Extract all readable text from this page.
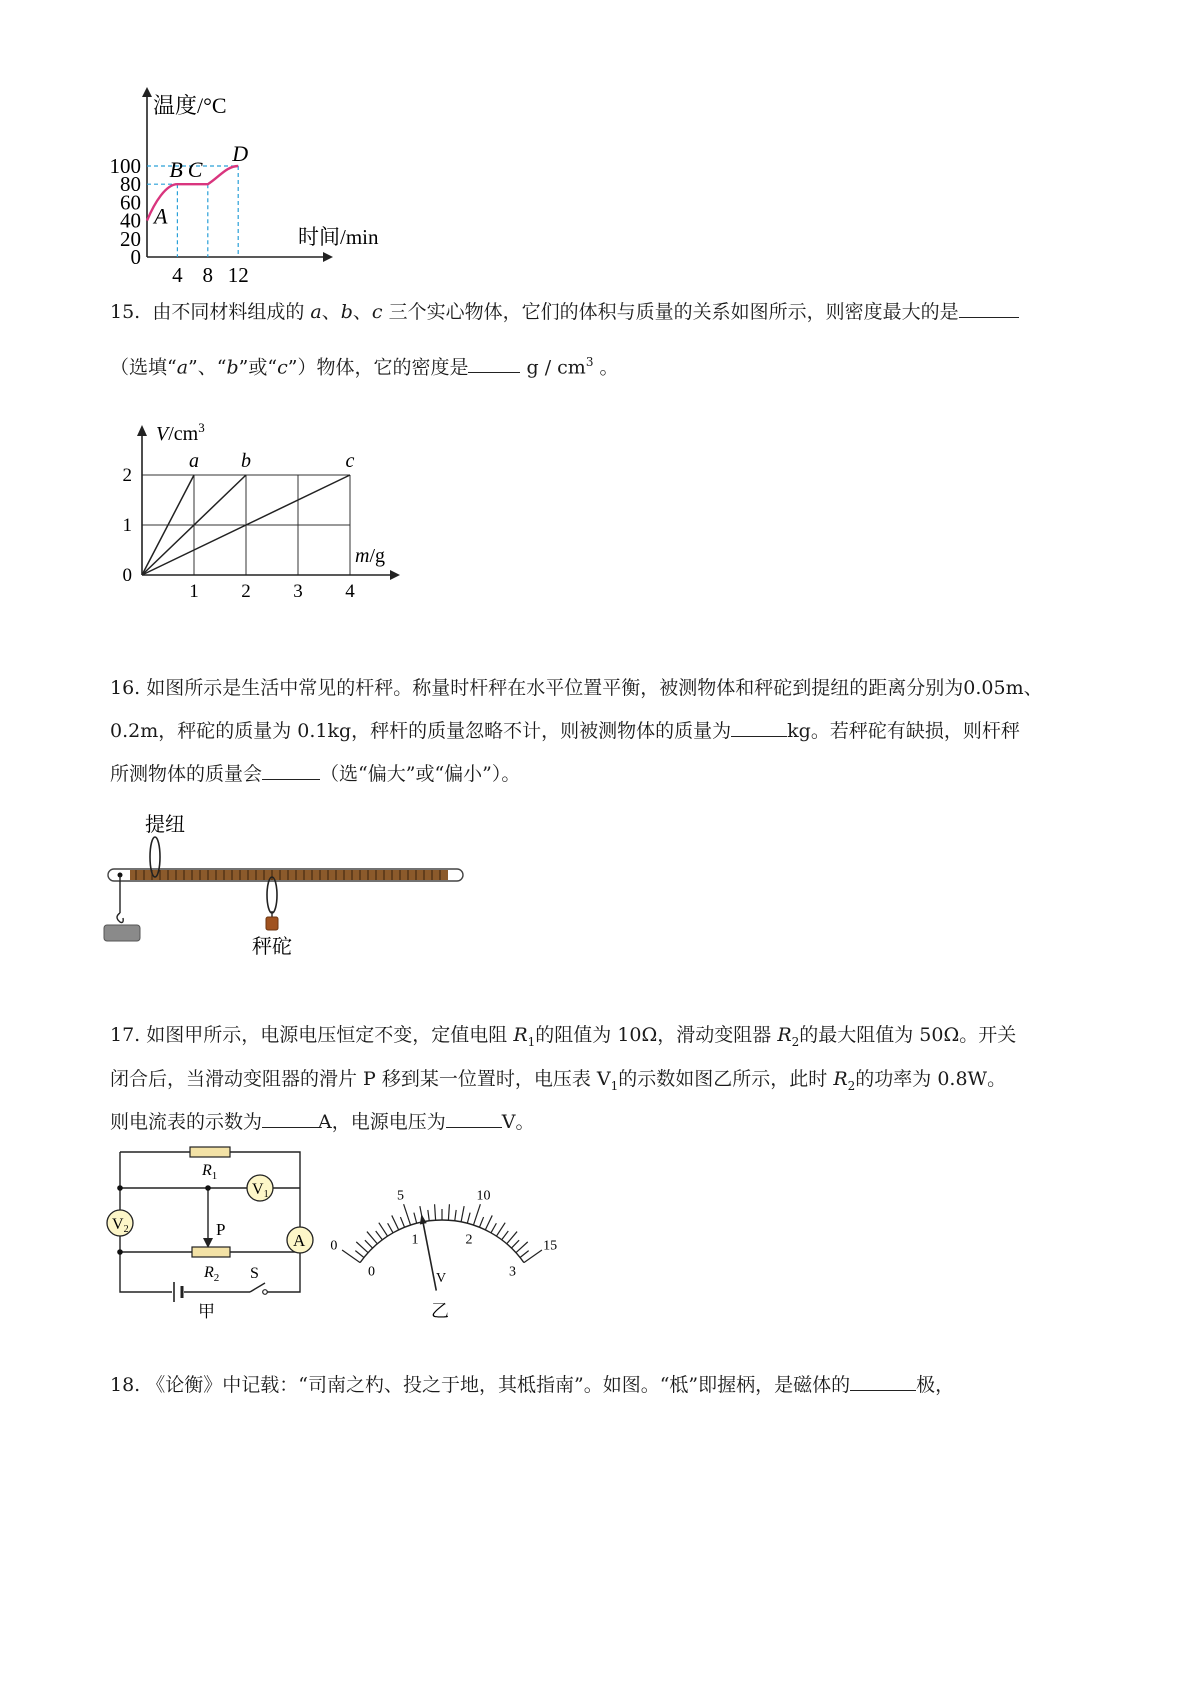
温度/°C
时间/min
100
80
60
40
20
0
4 8 12
A
B C
D
15. 由不同材料组成的 a、b、c 三个实心物体，它们的体积与质量的关系如图所示，则密度最大的是
（选填“a”、“b”或“c”）物体，它的密度是	g / $cm^3$ 。
$V/cm^3$
m/g
2
1
0
1 2 3 4
a b	c
16. 如图所示是生活中常见的杆秤。称量时杆秤在水平位置平衡，被测物体和秤砣到提纽的距离分别为0.05m、
0.2m，秤砣的质量为 0.1kg，秤杆的质量忽略不计，则被测物体的质量为	kg。若秤砣有缺损，则杆秤
所测物体的质量会	（选“偏大”或“偏小”）。
提纽
秤砣
17. 如图甲所示，电源电压恒定不变，定值电阻 $R_1$的阻值为 10Ω，滑动变阻器 $R_2$的最大阻值为 50Ω。开关
闭合后，当滑动变阻器的滑片 P 移到某一位置时，电压表 $V_1$的示数如图乙所示，此时 $R_2$的功率为 0.8W。
则电流表的示数为	A，电源电压为	V。
$R_1$
V1
V2
A
P
$R_2$ S
甲
0
5	10
15
0
1	2
3
V
乙
18. 《论衡》中记载：“司南之杓、投之于地，其柢指南”。如图。“柢”即握柄，是磁体的	极，
